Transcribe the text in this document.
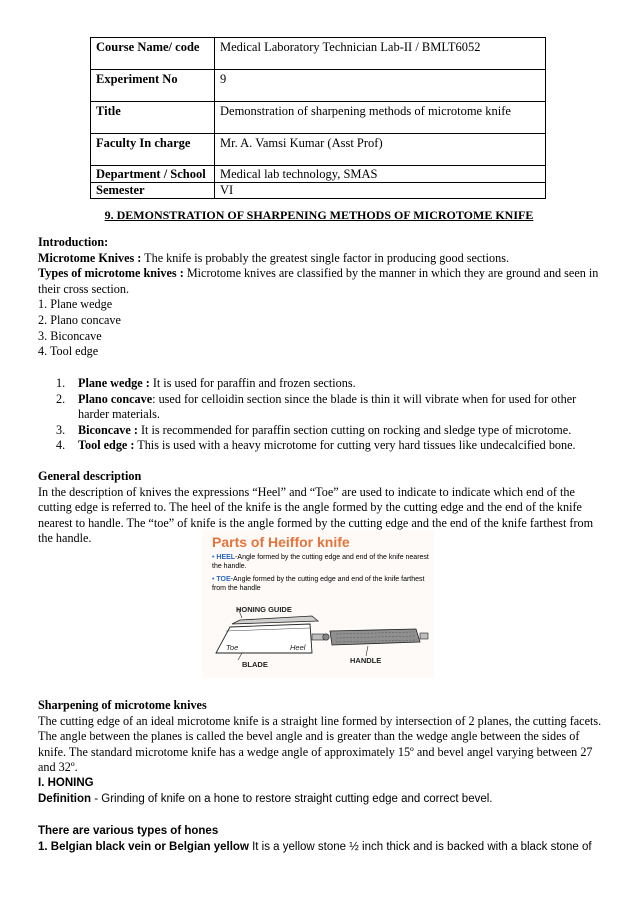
Course Name/ code	Medical Laboratory Technician Lab-II / BMLT6052
Experiment No	9
Title	Demonstration of sharpening methods of microtome knife
Faculty In charge	Mr. A. Vamsi Kumar (Asst Prof)
Department / School	Medical lab technology, SMAS
Semester	VI
9. DEMONSTRATION OF SHARPENING METHODS OF MICROTOME KNIFE
Introduction:
Microtome Knives : The knife is probably the greatest single factor in producing good sections.
Types of microtome knives : Microtome knives are classified by the manner in which they are ground and seen in their cross section.
1. Plane wedge
2. Plano concave
3. Biconcave
4. Tool edge
1. Plane wedge : It is used for paraffin and frozen sections.
2. Plano concave: used for celloidin section since the blade is thin it will vibrate when for used for other harder materials.
3. Biconcave : It is recommended for paraffin section cutting on rocking and sledge type of microtome.
4. Tool edge : This is used with a heavy microtome for cutting very hard tissues like undecalcified bone.
General description
In the description of knives the expressions “Heel” and “Toe” are used to indicate to indicate which end of the cutting edge is referred to. The heel of the knife is the angle formed by the cutting edge and the end of the knife nearest to handle. The “toe” of knife is the angle formed by the cutting edge and the end of the knife farthest from the handle.	Parts of Heiffor knife
• HEEL-Angle formed by the cutting edge and end of the knife nearest the handle.
• TOE-Angle formed by the cutting edge and end of the knife farthest from the handle
HONING GUIDE
Toe	Heel
BLADE	HANDLE
Sharpening of microtome knives
The cutting edge of an ideal microtome knife is a straight line formed by intersection of 2 planes, the cutting facets. The angle between the planes is called the bevel angle and is greater than the wedge angle between the sides of knife. The standard microtome knife has a wedge angle of approximately 15º and bevel angel varying between 27 and 32º.
I. HONING
Definition - Grinding of knife on a hone to restore straight cutting edge and correct bevel.
There are various types of hones
1. Belgian black vein or Belgian yellow It is a yellow stone ½ inch thick and is backed with a black stone of
